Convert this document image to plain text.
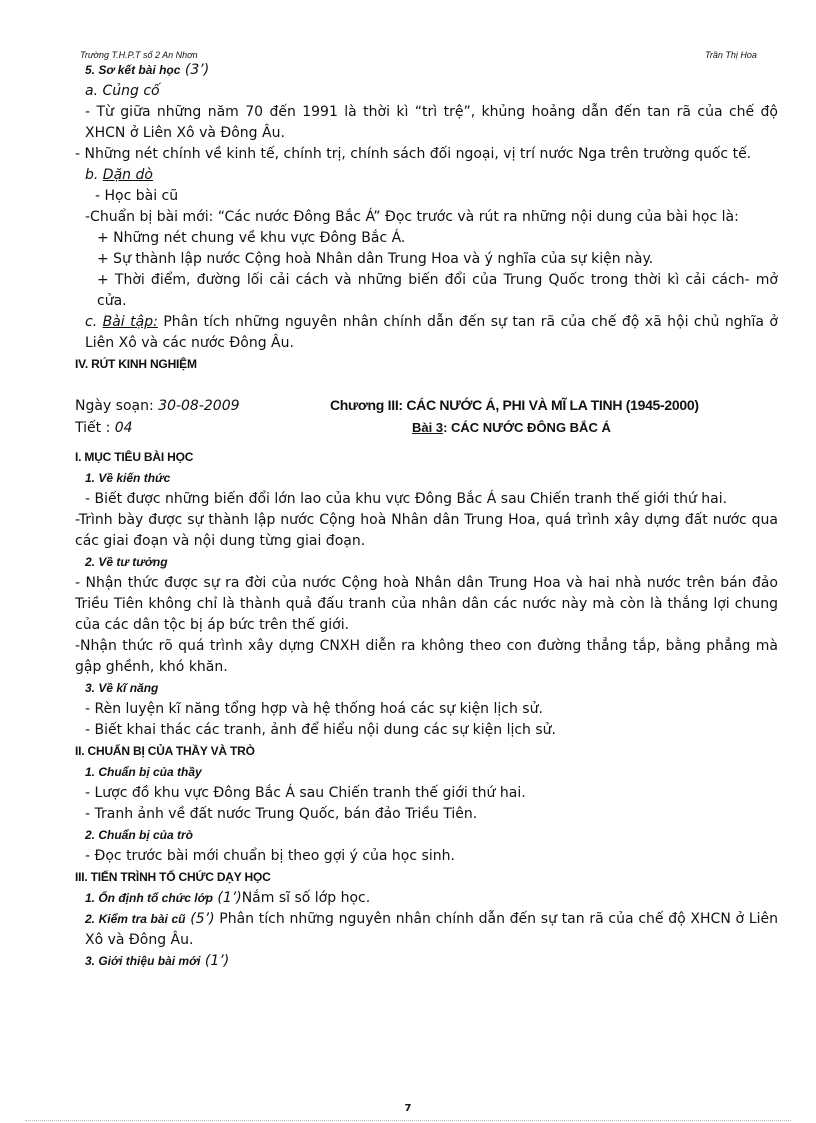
Trường T.H.P.T số 2 An Nhơn	Trần Thị Hoa

5. Sơ kết bài học (3’)

a. Củng cố

- Từ giữa những năm 70 đến 1991 là thời kì “trì trệ”, khủng hoảng dẫn đến tan rã của chế độ XHCN ở Liên Xô và Đông Âu.

- Những nét chính về kinh tế, chính trị, chính sách đối ngoại, vị trí nước Nga trên trường quốc tế.

b. Dặn dò

- Học bài cũ

-Chuẩn bị bài mới: “Các nước Đông Bắc Á” Đọc trước và rút ra những nội dung của bài học là:

+ Những nét chung về khu vực Đông Bắc Á.

+ Sự thành lập nước Cộng hoà Nhân dân Trung Hoa và ý nghĩa của sự kiện này.

+ Thời điểm, đường lối cải cách và những biến đổi của Trung Quốc trong thời kì cải cách- mở cửa.

c. Bài tập: Phân tích những nguyên nhân chính dẫn đến sự tan rã của chế độ xã hội chủ nghĩa ở Liên Xô và các nước Đông Âu.

IV. RÚT KINH NGHIỆM

Ngày soạn: 30-08-2009	Chương III: CÁC NƯỚC Á, PHI VÀ MĨ LA TINH (1945-2000)
Tiết : 04	Bài 3: CÁC NƯỚC ĐÔNG BẮC Á

I. MỤC TIÊU BÀI HỌC

1. Về kiến thức

- Biết được những biến đổi lớn lao của khu vực Đông Bắc Á sau Chiến tranh thế giới thứ hai.

-Trình bày được sự thành lập nước Cộng hoà Nhân dân Trung Hoa, quá trình xây dựng đất nước qua các giai đoạn và nội dung từng giai đoạn.

2. Về tư tưởng

- Nhận thức được sự ra đời của nước Cộng hoà Nhân dân Trung Hoa và hai nhà nước trên bán đảo Triều Tiên không chỉ là thành quả đấu tranh của nhân dân các nước này mà còn là thắng lợi chung của các dân tộc bị áp bức trên thế giới.

-Nhận thức rõ quá trình xây dựng CNXH diễn ra không theo con đường thẳng tắp, bằng phẳng mà gập ghềnh, khó khăn.

3. Về kĩ năng

- Rèn luyện kĩ năng tổng hợp và hệ thống hoá các sự kiện lịch sử.

- Biết khai thác các tranh, ảnh để hiểu nội dung các sự kiện lịch sử.

II. CHUẨN BỊ CỦA THẦY VÀ TRÒ

1. Chuẩn bị của thầy

- Lược đồ khu vực Đông Bắc Á sau Chiến tranh thế giới thứ hai.

- Tranh ảnh về đất nước Trung Quốc, bán đảo Triều Tiên.

2. Chuẩn bị của trò

- Đọc trước bài mới chuẩn bị theo gợi ý của học sinh.

III. TIẾN TRÌNH TỔ CHỨC DẠY HỌC

1. Ổn định tổ chức lớp (1’)Nắm sĩ số lớp học.

2. Kiểm tra bài cũ (5’) Phân tích những nguyên nhân chính dẫn đến sự tan rã của chế độ XHCN ở Liên Xô và Đông Âu.

3. Giới thiệu bài mới (1’)

7
